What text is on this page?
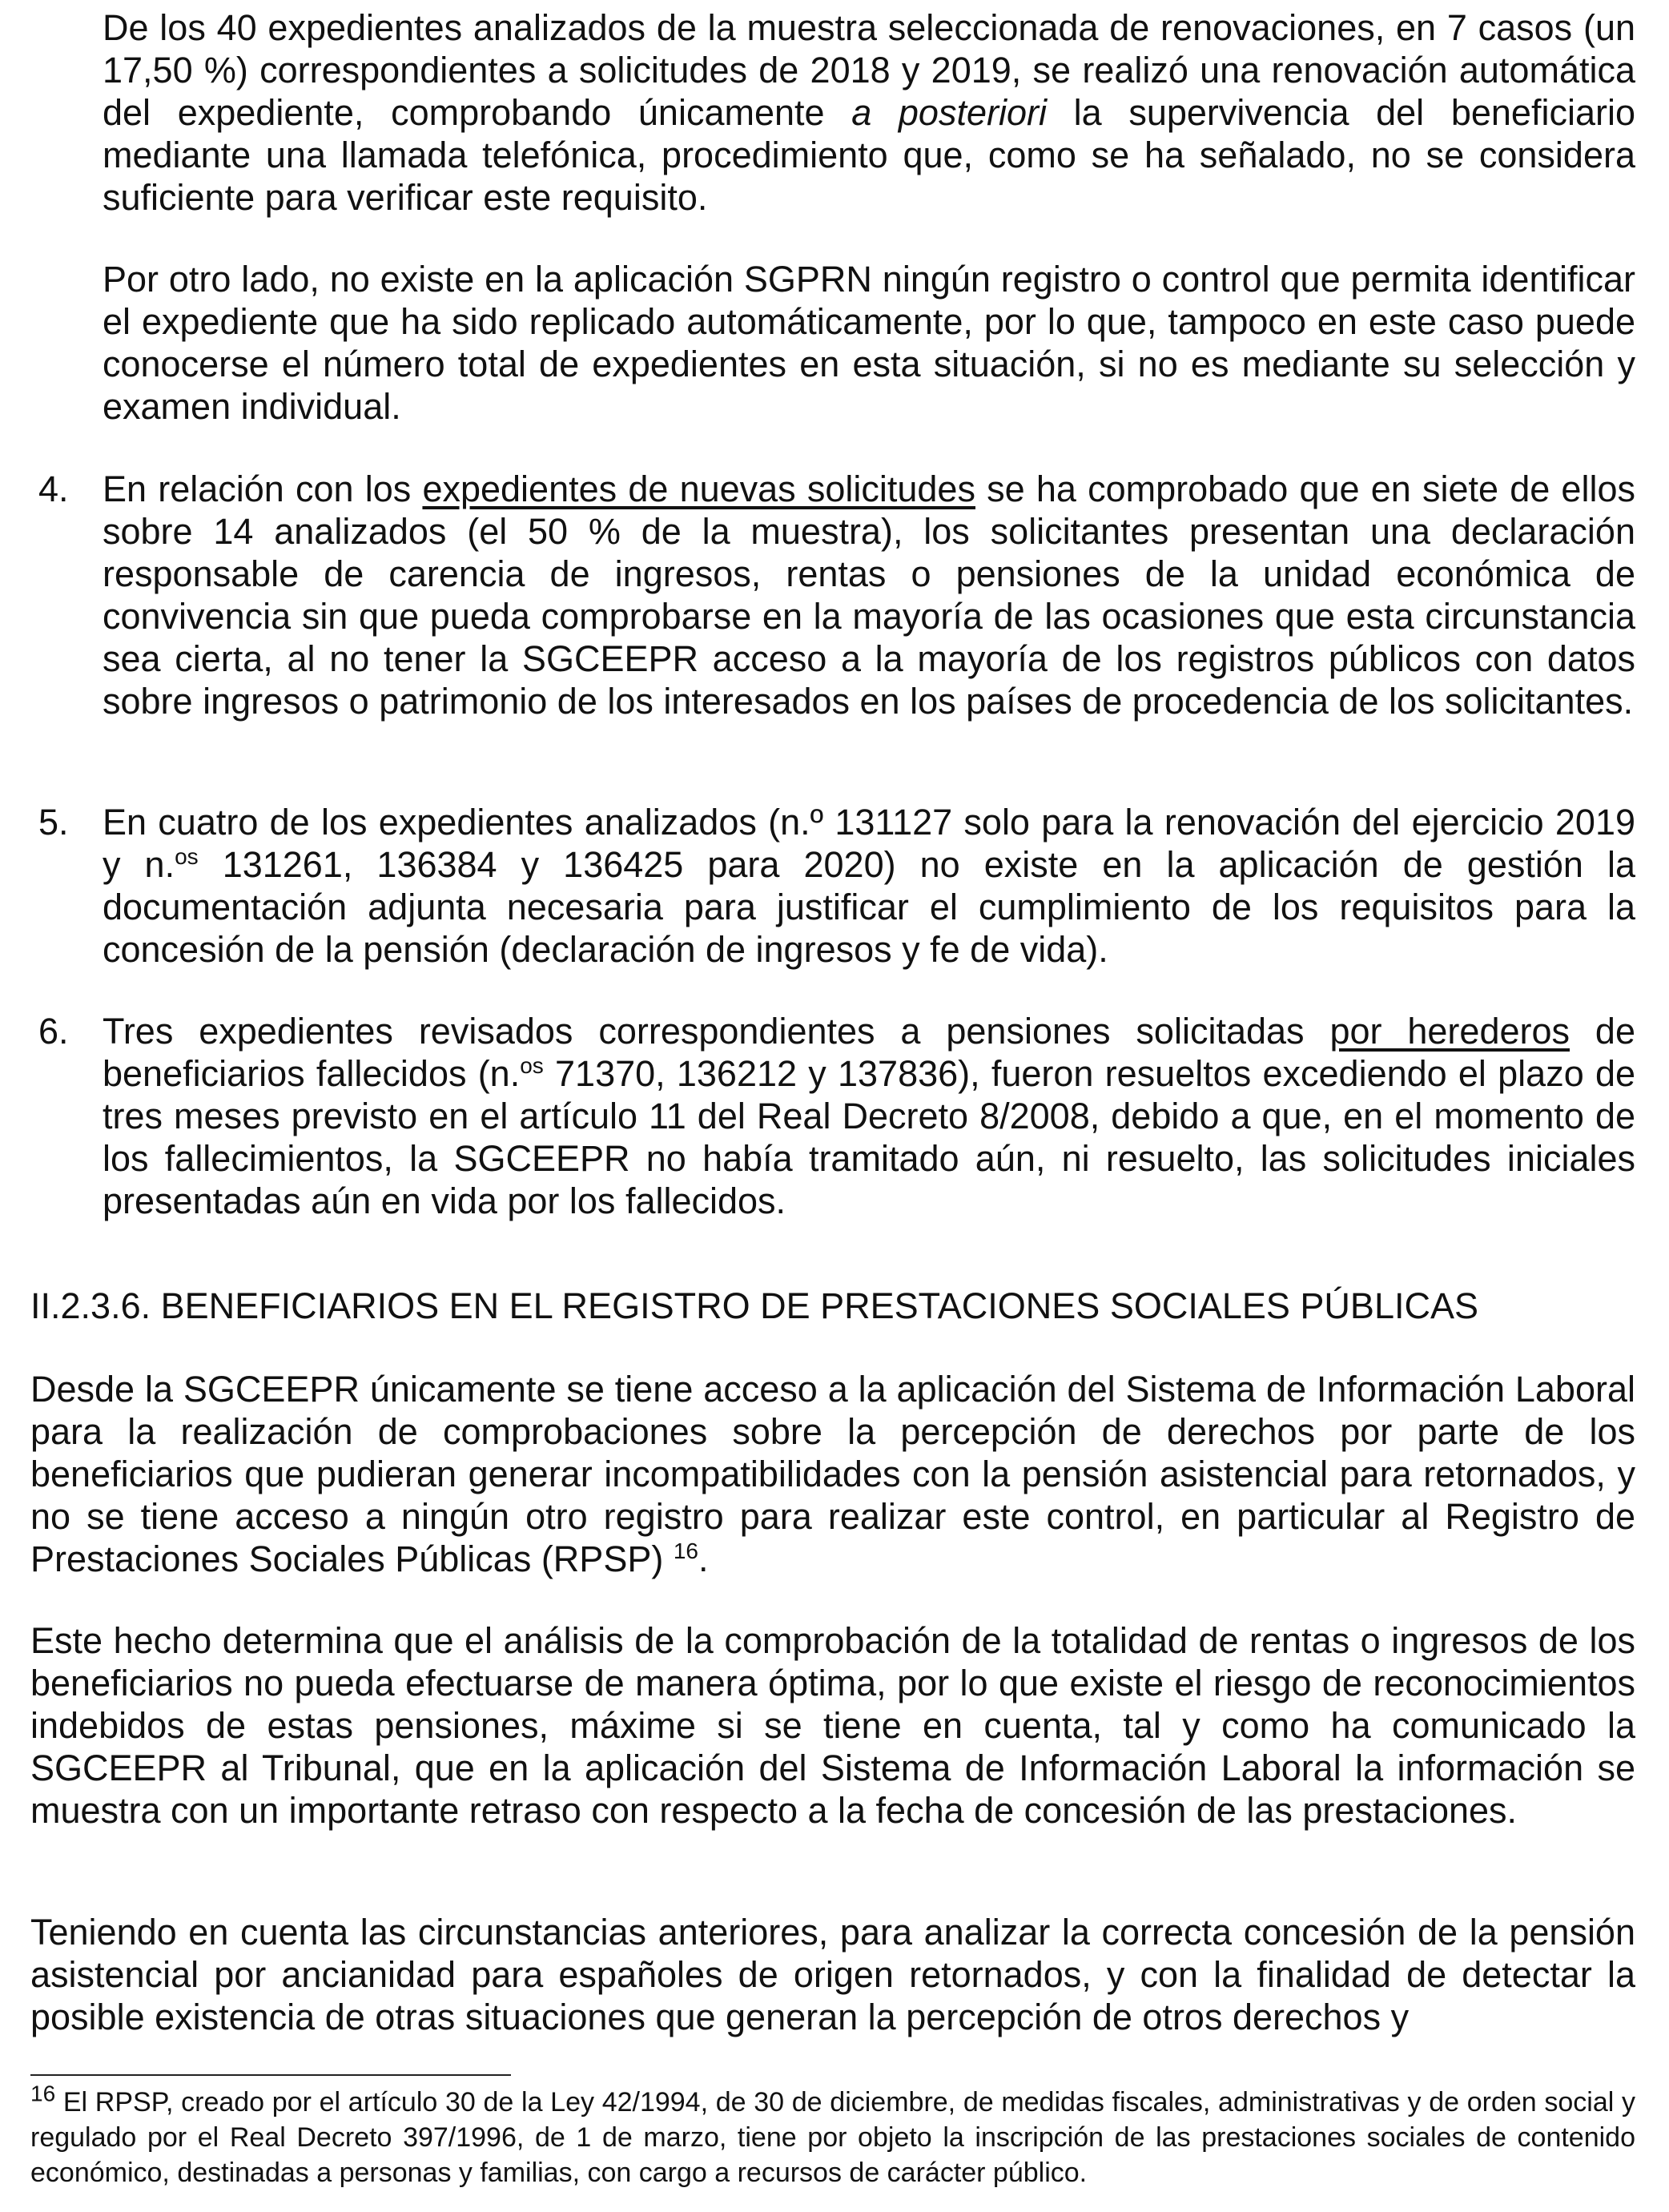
De los 40 expedientes analizados de la muestra seleccionada de renovaciones, en 7 casos (un 17,50 %) correspondientes a solicitudes de 2018 y 2019, se realizó una renovación automática del expediente, comprobando únicamente a posteriori la supervivencia del beneficiario mediante una llamada telefónica, procedimiento que, como se ha señalado, no se considera suficiente para verificar este requisito.

Por otro lado, no existe en la aplicación SGPRN ningún registro o control que permita identificar el expediente que ha sido replicado automáticamente, por lo que, tampoco en este caso puede conocerse el número total de expedientes en esta situación, si no es mediante su selección y examen individual.

4. En relación con los expedientes de nuevas solicitudes se ha comprobado que en siete de ellos sobre 14 analizados (el 50 % de la muestra), los solicitantes presentan una declaración responsable de carencia de ingresos, rentas o pensiones de la unidad económica de convivencia sin que pueda comprobarse en la mayoría de las ocasiones que esta circunstancia sea cierta, al no tener la SGCEEPR acceso a la mayoría de los registros públicos con datos sobre ingresos o patrimonio de los interesados en los países de procedencia de los solicitantes.

5. En cuatro de los expedientes analizados (n.º 131127 solo para la renovación del ejercicio 2019 y n.$^{os}$ 131261, 136384 y 136425 para 2020) no existe en la aplicación de gestión la documentación adjunta necesaria para justificar el cumplimiento de los requisitos para la concesión de la pensión (declaración de ingresos y fe de vida).

6. Tres expedientes revisados correspondientes a pensiones solicitadas por herederos de beneficiarios fallecidos (n.$^{os}$ 71370, 136212 y 137836), fueron resueltos excediendo el plazo de tres meses previsto en el artículo 11 del Real Decreto 8/2008, debido a que, en el momento de los fallecimientos, la SGCEEPR no había tramitado aún, ni resuelto, las solicitudes iniciales presentadas aún en vida por los fallecidos.

II.2.3.6. BENEFICIARIOS EN EL REGISTRO DE PRESTACIONES SOCIALES PÚBLICAS

Desde la SGCEEPR únicamente se tiene acceso a la aplicación del Sistema de Información Laboral para la realización de comprobaciones sobre la percepción de derechos por parte de los beneficiarios que pudieran generar incompatibilidades con la pensión asistencial para retornados, y no se tiene acceso a ningún otro registro para realizar este control, en particular al Registro de Prestaciones Sociales Públicas (RPSP) $^{16}$.

Este hecho determina que el análisis de la comprobación de la totalidad de rentas o ingresos de los beneficiarios no pueda efectuarse de manera óptima, por lo que existe el riesgo de reconocimientos indebidos de estas pensiones, máxime si se tiene en cuenta, tal y como ha comunicado la SGCEEPR al Tribunal, que en la aplicación del Sistema de Información Laboral la información se muestra con un importante retraso con respecto a la fecha de concesión de las prestaciones.

Teniendo en cuenta las circunstancias anteriores, para analizar la correcta concesión de la pensión asistencial por ancianidad para españoles de origen retornados, y con la finalidad de detectar la posible existencia de otras situaciones que generan la percepción de otros derechos y

$^{16}$ El RPSP, creado por el artículo 30 de la Ley 42/1994, de 30 de diciembre, de medidas fiscales, administrativas y de orden social y regulado por el Real Decreto 397/1996, de 1 de marzo, tiene por objeto la inscripción de las prestaciones sociales de contenido económico, destinadas a personas y familias, con cargo a recursos de carácter público.
